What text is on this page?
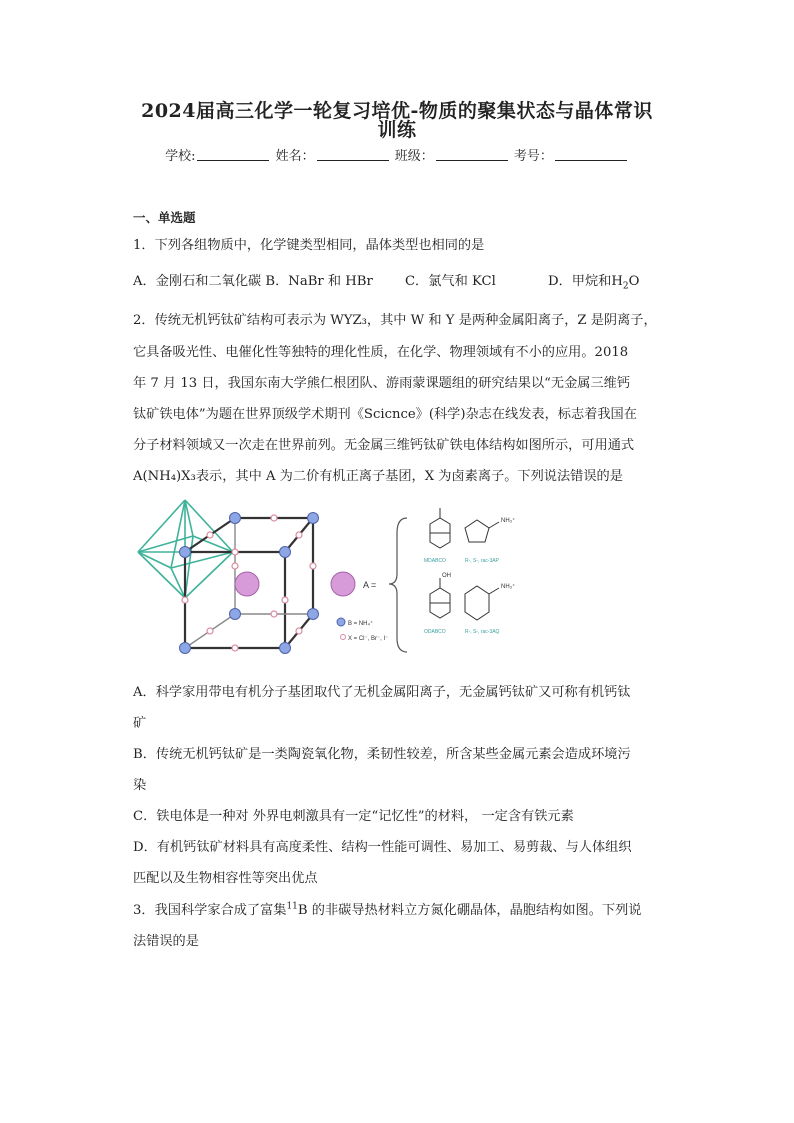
2024届高三化学一轮复习培优-物质的聚集状态与晶体常识
训练
学校:	姓名：	班级：	考号：
一、单选题
1．下列各组物质中，化学键类型相同，晶体类型也相同的是
A．金刚石和二氧化碳 B．NaBr 和 HBr C．氯气和 KCl	D．甲烷和$H_2O$
2．传统无机钙钛矿结构可表示为 WYZ₃，其中 W 和 Y 是两种金属阳离子，Z 是阴离子，
它具备吸光性、电催化性等独特的理化性质，在化学、物理领域有不小的应用。2018
年 7 月 13 日，我国东南大学熊仁根团队、游雨蒙课题组的研究结果以“无金属三维钙
钛矿铁电体”为题在世界顶级学术期刊《Scicnce》(科学)杂志在线发表，标志着我国在
分子材料领域又一次走在世界前列。无金属三维钙钛矿铁电体结构如图所示，可用通式
A(NH₄)X₃表示，其中 A 为二价有机正离子基团，X 为卤素离子。下列说法错误的是
A =
B = NH₄⁺
X = Cl⁻, Br⁻, I⁻
OH
NH₃⁺
NH₃⁺
MDABCO	R-, S-, rac-3AP
ODABCO	R-, S-, rac-3AQ
A．科学家用带电有机分子基团取代了无机金属阳离子，无金属钙钛矿又可称有机钙钛
矿
B．传统无机钙钛矿是一类陶瓷氧化物，柔韧性较差，所含某些金属元素会造成环境污
染
C．铁电体是一种对 外界电刺激具有一定“记忆性”的材料， 一定含有铁元素
D．有机钙钛矿材料具有高度柔性、结构一性能可调性、易加工、易剪裁、与人体组织
匹配以及生物相容性等突出优点
3．我国科学家合成了富集$^{11}$B 的非碳导热材料立方氮化硼晶体，晶胞结构如图。下列说
法错误的是
